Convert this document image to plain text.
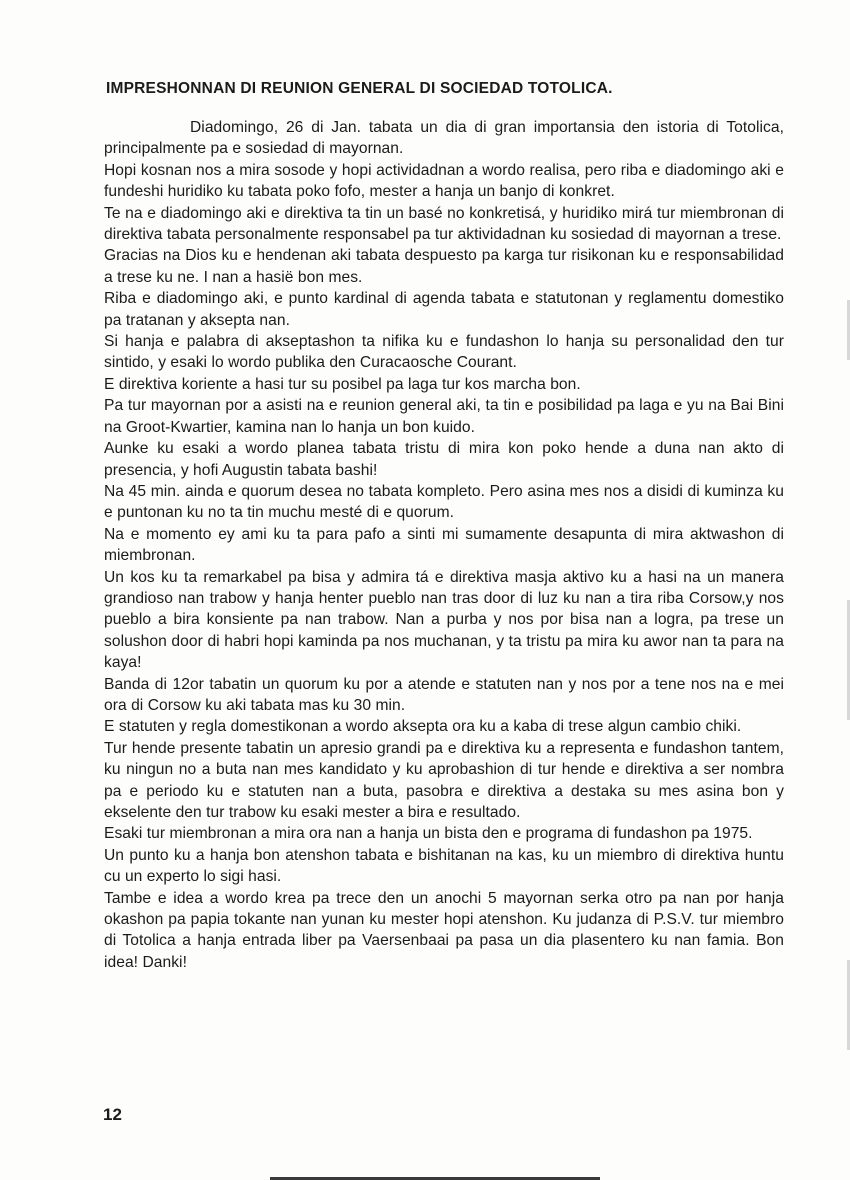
IMPRESHONNAN DI REUNION GENERAL DI SOCIEDAD TOTOLICA.

Diadomingo, 26 di Jan. tabata un dia di gran importansia den istoria di Totolica, principalmente pa e sosiedad di mayornan.

Hopi kosnan nos a mira sosode y hopi actividadnan a wordo realisa, pero riba e diadomingo aki e fundeshi huridiko ku tabata poko fofo, mester a hanja un banjo di konkret.

Te na e diadomingo aki e direktiva ta tin un basé no konkretisá, y huridiko mirá tur miembronan di direktiva tabata personalmente responsabel pa tur aktividadnan ku sosiedad di mayornan a trese.

Gracias na Dios ku e hendenan aki tabata despuesto pa karga tur risikonan ku e responsabilidad a trese ku ne. I nan a hasië bon mes.

Riba e diadomingo aki, e punto kardinal di agenda tabata e statutonan y reglamentu domestiko pa tratanan y aksepta nan.

Si hanja e palabra di akseptashon ta nifika ku e fundashon lo hanja su personalidad den tur sintido, y esaki lo wordo publika den Curacaosche Courant.

E direktiva koriente a hasi tur su posibel pa laga tur kos marcha bon.

Pa tur mayornan por a asisti na e reunion general aki, ta tin e posibilidad pa laga e yu na Bai Bini na Groot-Kwartier, kamina nan lo hanja un bon kuido.

Aunke ku esaki a wordo planea tabata tristu di mira kon poko hende a duna nan akto di presencia, y hofi Augustin tabata bashi!

Na 45 min. ainda e quorum desea no tabata kompleto. Pero asina mes nos a disidi di kuminza ku e puntonan ku no ta tin muchu mesté di e quorum.

Na e momento ey ami ku ta para pafo a sinti mi sumamente desapunta di mira aktwashon di miembronan.

Un kos ku ta remarkabel pa bisa y admira tá e direktiva masja aktivo ku a hasi na un manera grandioso nan trabow y hanja henter pueblo nan tras door di luz ku nan a tira riba Corsow,y nos pueblo a bira konsiente pa nan trabow. Nan a purba y nos por bisa nan a logra, pa trese un solushon door di habri hopi kaminda pa nos muchanan, y ta tristu pa mira ku awor nan ta para na kaya!

Banda di 12or tabatin un quorum ku por a atende e statuten nan y nos por a tene nos na e mei ora di Corsow ku aki tabata mas ku 30 min.

E statuten y regla domestikonan a wordo aksepta ora ku a kaba di trese algun cambio chiki.

Tur hende presente tabatin un apresio grandi pa e direktiva ku a representa e fundashon tantem, ku ningun no a buta nan mes kandidato y ku aprobashion di tur hende e direktiva a ser nombra pa e periodo ku e statuten nan a buta, pasobra e direktiva a destaka su mes asina bon y ekselente den tur trabow ku esaki mester a bira e resultado.

Esaki tur miembronan a mira ora nan a hanja un bista den e programa di fundashon pa 1975.

Un punto ku a hanja bon atenshon tabata e bishitanan na kas, ku un miembro di direktiva huntu cu un experto lo sigi hasi.

Tambe e idea a wordo krea pa trece den un anochi 5 mayornan serka otro pa nan por hanja okashon pa papia tokante nan yunan ku mester hopi atenshon. Ku judanza di P.S.V. tur miembro di Totolica a hanja entrada liber pa Vaersenbaai pa pasa un dia plasentero ku nan famia. Bon idea! Danki!

12
